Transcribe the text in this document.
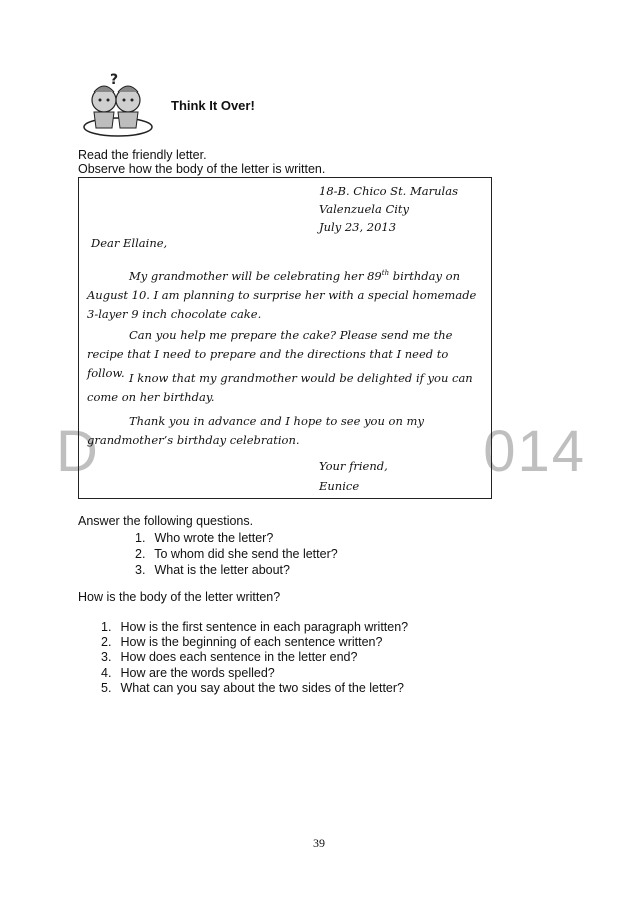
D	014
?
Think It Over!
Read the friendly letter.
Observe how the body of the letter is written.
18-B. Chico St. Marulas
Valenzuela City
July 23, 2013
Dear Ellaine,
My grandmother will be celebrating her 89th birthday on August 10. I am planning to surprise her with a special homemade 3-layer 9 inch chocolate cake.
Can you help me prepare the cake? Please send me the recipe that I need to prepare and the directions that I need to follow. I know that my grandmother would be delighted if you can come on her birthday.
Thank you in advance and I hope to see you on my grandmother’s birthday celebration.
Your friend,
Eunice
Answer the following questions.
1. Who wrote the letter?
2. To whom did she send the letter?
3. What is the letter about?
How is the body of the letter written?
1. How is the first sentence in each paragraph written?
2. How is the beginning of each sentence written?
3. How does each sentence in the letter end?
4. How are the words spelled?
5. What can you say about the two sides of the letter?
39
